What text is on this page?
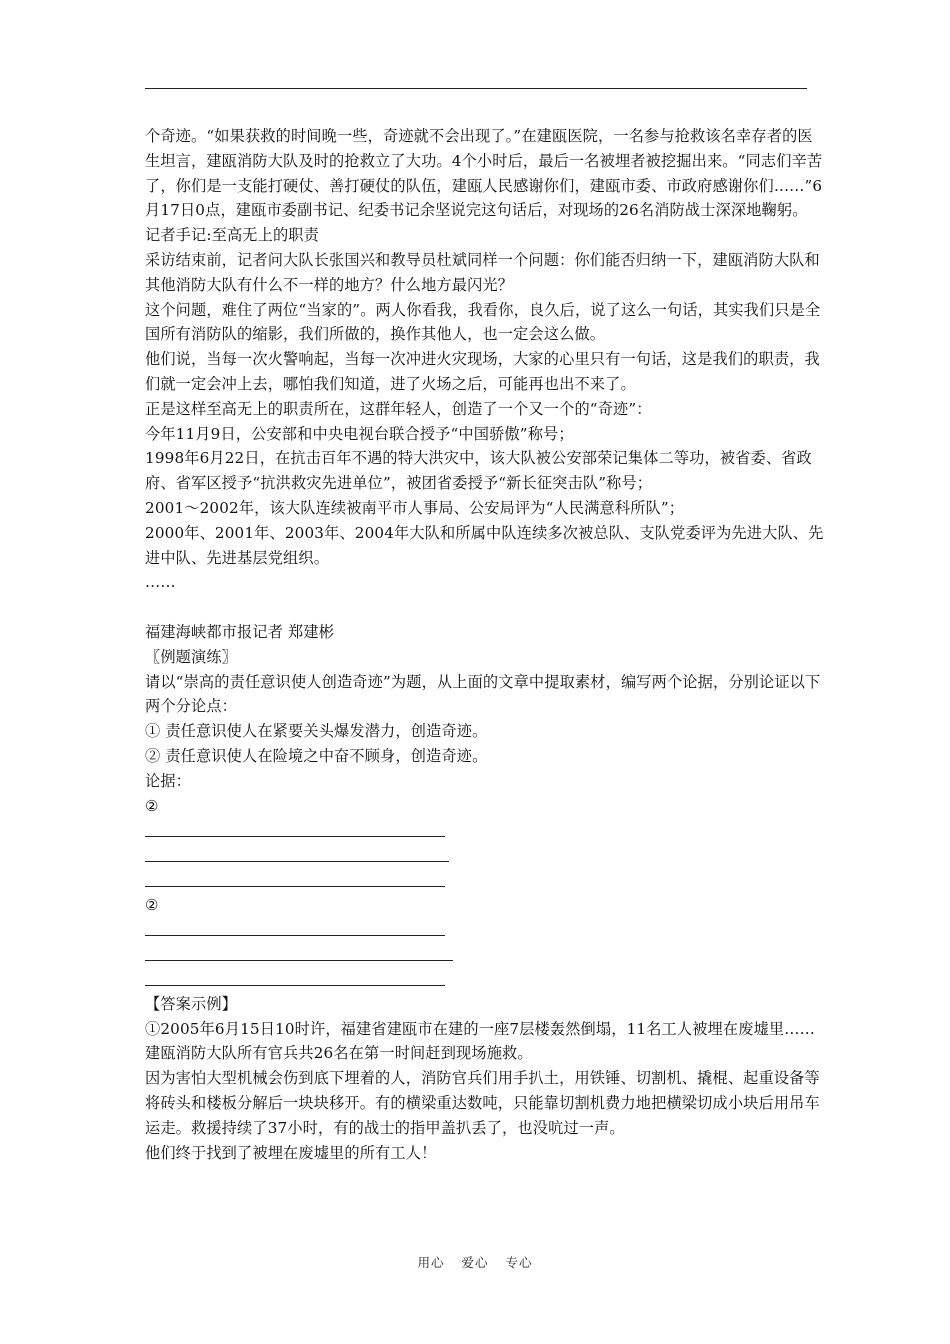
个奇迹。“如果获救的时间晚一些，奇迹就不会出现了。”在建瓯医院，一名参与抢救该名幸存者的医生坦言，建瓯消防大队及时的抢救立了大功。4个小时后，最后一名被埋者被挖掘出来。“同志们辛苦了，你们是一支能打硬仗、善打硬仗的队伍，建瓯人民感谢你们，建瓯市委、市政府感谢你们……”6月17日0点，建瓯市委副书记、纪委书记余坚说完这句话后，对现场的26名消防战士深深地鞠躬。

记者手记:至高无上的职责

采访结束前，记者问大队长张国兴和教导员杜斌同样一个问题：你们能否归纳一下，建瓯消防大队和其他消防大队有什么不一样的地方？什么地方最闪光？

这个问题，难住了两位“当家的”。两人你看我，我看你，良久后，说了这么一句话，其实我们只是全国所有消防队的缩影，我们所做的，换作其他人，也一定会这么做。

他们说，当每一次火警响起，当每一次冲进火灾现场，大家的心里只有一句话，这是我们的职责，我们就一定会冲上去，哪怕我们知道，进了火场之后，可能再也出不来了。

正是这样至高无上的职责所在，这群年轻人，创造了一个又一个的“奇迹”：

今年11月9日，公安部和中央电视台联合授予“中国骄傲”称号；

1998年6月22日，在抗击百年不遇的特大洪灾中，该大队被公安部荣记集体二等功，被省委、省政府、省军区授予“抗洪救灾先进单位”，被团省委授予“新长征突击队”称号；

2001～2002年，该大队连续被南平市人事局、公安局评为“人民满意科所队”；

2000年、2001年、2003年、2004年大队和所属中队连续多次被总队、支队党委评为先进大队、先进中队、先进基层党组织。

……

福建海峡都市报记者 郑建彬

〖例题演练〗

请以“崇高的责任意识使人创造奇迹”为题，从上面的文章中提取素材，编写两个论据，分别论证以下两个分论点：

① 责任意识使人在紧要关头爆发潜力，创造奇迹。

② 责任意识使人在险境之中奋不顾身，创造奇迹。

论据：

②

②

【答案示例】

①2005年6月15日10时许，福建省建瓯市在建的一座7层楼轰然倒塌，11名工人被埋在废墟里……

建瓯消防大队所有官兵共26名在第一时间赶到现场施救。

因为害怕大型机械会伤到底下埋着的人，消防官兵们用手扒土，用铁锤、切割机、撬棍、起重设备等将砖头和楼板分解后一块块移开。有的横梁重达数吨，只能靠切割机费力地把横梁切成小块后用吊车运走。救援持续了37小时，有的战士的指甲盖扒丢了，也没吭过一声。

他们终于找到了被埋在废墟里的所有工人！

用心 爱心 专心
